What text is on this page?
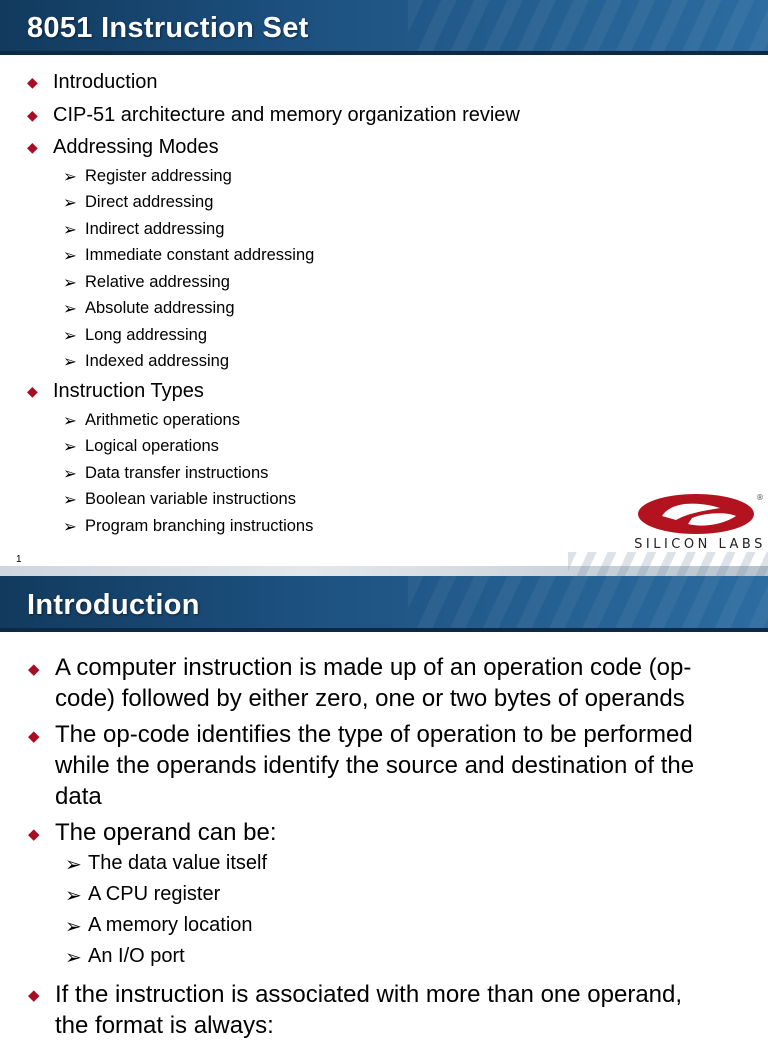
8051 Instruction Set
◆ Introduction
◆ CIP-51 architecture and memory organization review
◆ Addressing Modes
➢ Register addressing
➢ Direct addressing
➢ Indirect addressing
➢ Immediate constant addressing
➢ Relative addressing
➢ Absolute addressing
➢ Long addressing
➢ Indexed addressing
◆ Instruction Types
➢ Arithmetic operations
➢ Logical operations
➢ Data transfer instructions
➢ Boolean variable instructions
➢ Program branching instructions
1
®
SILICON LABS
Introduction
◆ A computer instruction is made up of an operation code (op-
code) followed by either zero, one or two bytes of operands
◆ The op-code identifies the type of operation to be performed
while the operands identify the source and destination of the
data
◆ The operand can be:
➢ The data value itself
➢ A CPU register
➢ A memory location
➢ An I/O port
◆ If the instruction is associated with more than one operand,
the format is always:
